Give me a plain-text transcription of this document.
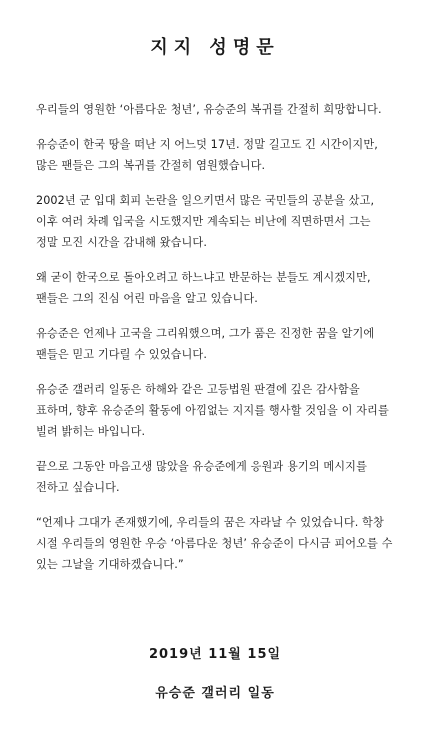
지지 성명문

우리들의 영원한 ‘아름다운 청년’, 유승준의 복귀를 간절히 희망합니다.

유승준이 한국 땅을 떠난 지 어느덧 17년. 정말 길고도 긴 시간이지만, 많은 팬들은 그의 복귀를 간절히 염원했습니다.

2002년 군 입대 회피 논란을 일으키면서 많은 국민들의 공분을 샀고, 이후 여러 차례 입국을 시도했지만 계속되는 비난에 직면하면서 그는 정말 모진 시간을 감내해 왔습니다.

왜 굳이 한국으로 돌아오려고 하느냐고 반문하는 분들도 계시겠지만, 팬들은 그의 진심 어린 마음을 알고 있습니다.

유승준은 언제나 고국을 그리워했으며, 그가 품은 진정한 꿈을 알기에 팬들은 믿고 기다릴 수 있었습니다.

유승준 갤러리 일동은 하해와 같은 고등법원 판결에 깊은 감사함을 표하며, 향후 유승준의 활동에 아낌없는 지지를 행사할 것임을 이 자리를 빌려 밝히는 바입니다.

끝으로 그동안 마음고생 많았을 유승준에게 응원과 용기의 메시지를 전하고 싶습니다.

“언제나 그대가 존재했기에, 우리들의 꿈은 자라날 수 있었습니다. 학창 시절 우리들의 영원한 우승 ‘아름다운 청년’ 유승준이 다시금 피어오를 수 있는 그날을 기대하겠습니다.”

2019년 11월 15일
유승준 갤러리 일동
